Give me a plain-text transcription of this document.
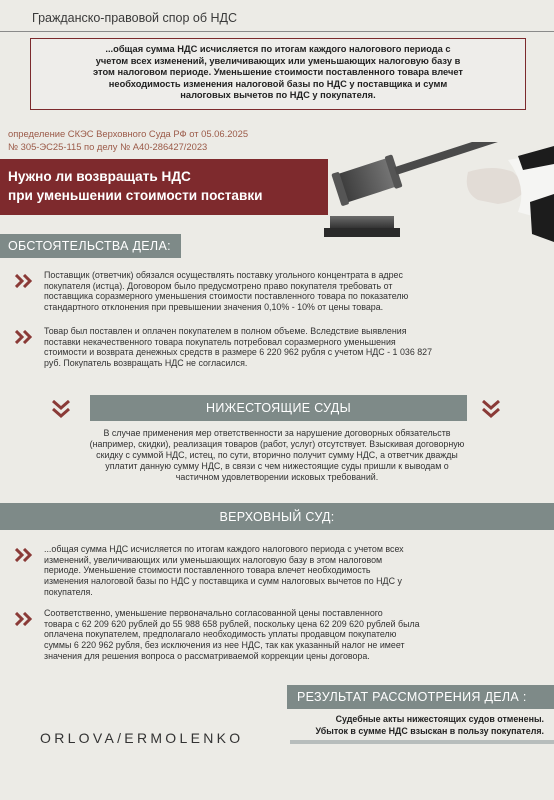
Гражданско-правовой спор об НДС
...общая сумма НДС исчисляется по итогам каждого налогового периода с
учетом всех изменений, увеличивающих или уменьшающих налоговую базу в
этом налоговом периоде. Уменьшение стоимости поставленного товара влечет
необходимость изменения налоговой базы по НДС у поставщика и сумм
налоговых вычетов по НДС у покупателя.
определение СКЭС Верховного Суда РФ от 05.06.2025
№ 305-ЭС25-115 по делу № А40-286427/2023
Нужно ли возвращать НДС
при уменьшении стоимости поставки
ОБСТОЯТЕЛЬСТВА ДЕЛА:
Поставщик (ответчик) обязался осуществлять поставку угольного концентрата в адрес
покупателя (истца). Договором было предусмотрено право покупателя требовать от
поставщика соразмерного уменьшения стоимости поставленного товара по показателю
стандартного отклонения при превышении значения 0,10% - 10% от цены товара.
Товар был поставлен и оплачен покупателем в полном объеме. Вследствие выявления
поставки некачественного товара покупатель потребовал соразмерного уменьшения
стоимости и возврата денежных средств в размере 6 220 962 рубля с учетом НДС - 1 036 827
руб. Покупатель возвращать НДС не согласился.
НИЖЕСТОЯЩИЕ СУДЫ
В случае применения мер ответственности за нарушение договорных обязательств
(например, скидки), реализация товаров (работ, услуг) отсутствует. Взыскивая договорную
скидку с суммой НДС, истец, по сути, вторично получит сумму НДС, а ответчик дважды
уплатит данную сумму НДС, в связи с чем нижестоящие суды пришли к выводам о
частичном удовлетворении исковых требований.
ВЕРХОВНЫЙ СУД:
...общая сумма НДС исчисляется по итогам каждого налогового периода с учетом всех
изменений, увеличивающих или уменьшающих налоговую базу в этом налоговом
периоде. Уменьшение стоимости поставленного товара влечет необходимость
изменения налоговой базы по НДС у поставщика и сумм налоговых вычетов по НДС у
покупателя.
Соответственно, уменьшение первоначально согласованной цены поставленного
товара с 62 209 620 рублей до 55 988 658 рублей, поскольку цена 62 209 620 рублей была
оплачена покупателем, предполагало необходимость уплаты продавцом покупателю
суммы 6 220 962 рубля, без исключения из нее НДС, так как указанный налог не имеет
значения для решения вопроса о рассматриваемой коррекции цены договора.
РЕЗУЛЬТАТ РАССМОТРЕНИЯ ДЕЛА :
Судебные акты нижестоящих судов отменены.
Убыток в сумме НДС взыскан в пользу покупателя.
ORLOVA/ERMOLENKO
